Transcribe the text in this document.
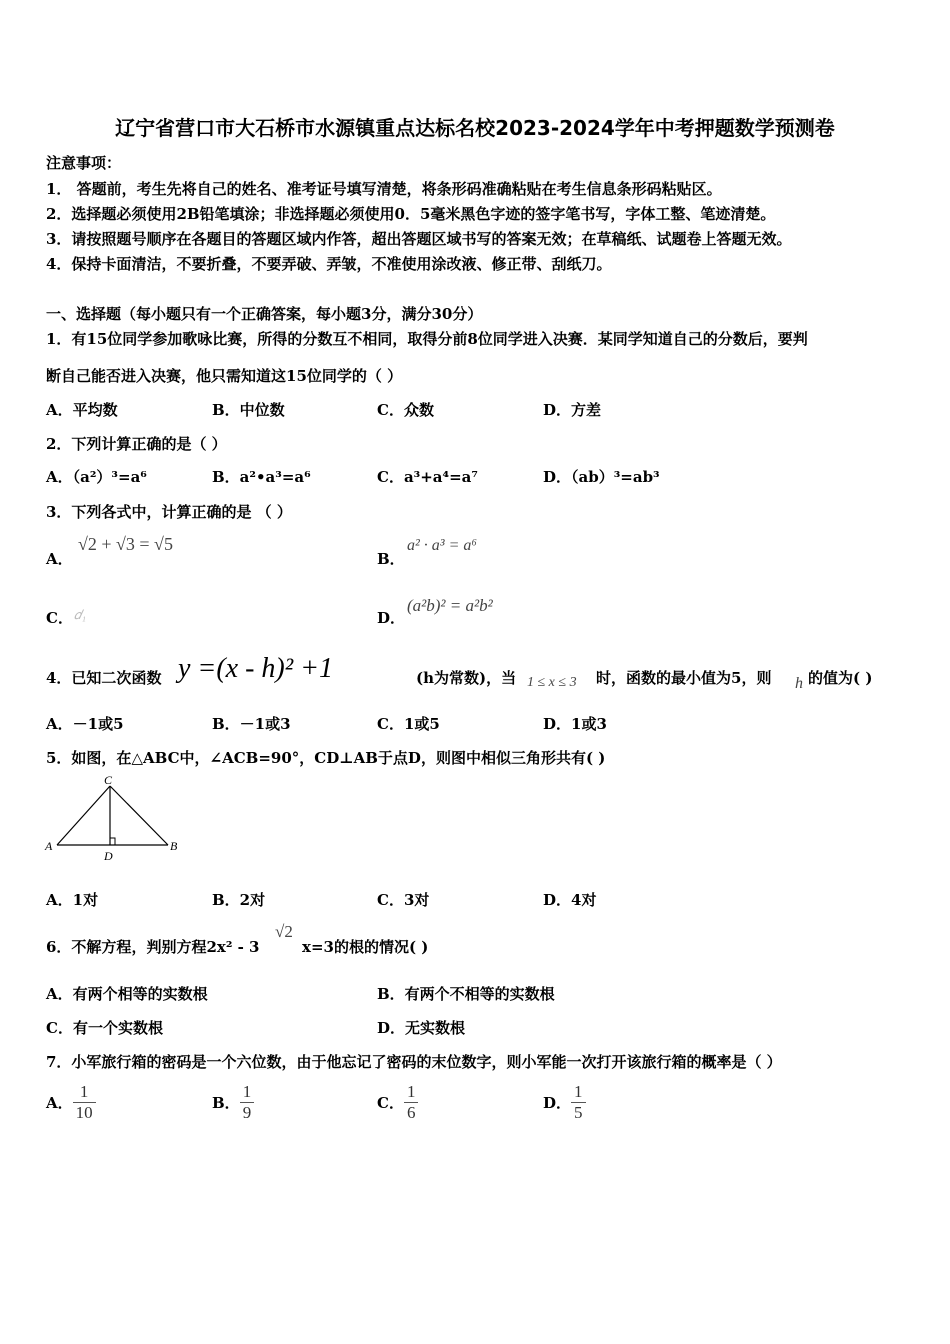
辽宁省营口市大石桥市水源镇重点达标名校2023-2024学年中考押题数学预测卷
注意事项：
1． 答题前，考生先将自己的姓名、准考证号填写清楚，将条形码准确粘贴在考生信息条形码粘贴区。
2．选择题必须使用2B铅笔填涂；非选择题必须使用0．5毫米黑色字迹的签字笔书写，字体工整、笔迹清楚。
3．请按照题号顺序在各题目的答题区域内作答，超出答题区域书写的答案无效；在草稿纸、试题卷上答题无效。
4．保持卡面清洁，不要折叠，不要弄破、弄皱，不准使用涂改液、修正带、刮纸刀。
一、选择题（每小题只有一个正确答案，每小题3分，满分30分）
1．有15位同学参加歌咏比赛，所得的分数互不相同，取得分前8位同学进入决赛．某同学知道自己的分数后，要判
断自己能否进入决赛，他只需知道这15位同学的（ ）
A．平均数	B．中位数	C．众数	D．方差
2．下列计算正确的是（ ）
A．（a²）³=a⁶	B．a²•a³=a⁶	C．a³+a⁴=a⁷	D．（ab）³=ab³
3．下列各式中，计算正确的是 （ ）
A．
√2 + √3 = √5
B．
a² · a³ = a⁶
C． 𝑑₁	D．
(a²b)² = a²b²
4．已知二次函数 y =(x - h)² +1	(h为常数)，当 1 ≤ x ≤ 3 时，函数的最小值为5，则 h 的值为( )
A．－1或5	B．－1或3	C．1或5	D．1或3
5．如图，在△ABC中，∠ACB=90°，CD⊥AB于点D，则图中相似三角形共有( )
C
A	B
D
A．1对	B．2对	C．3对	D．4对
6．不解方程，判别方程2x² - 3
√2
x=3的根的情况( )
A．有两个相等的实数根	B．有两个不相等的实数根
C．有一个实数根	D．无实数根
7．小军旅行箱的密码是一个六位数，由于他忘记了密码的末位数字，则小军能一次打开该旅行箱的概率是（ ）
A． $\frac{1}{10}$	B． $\frac{1}{9}$	C． $\frac{1}{6}$	D． $\frac{1}{5}$
